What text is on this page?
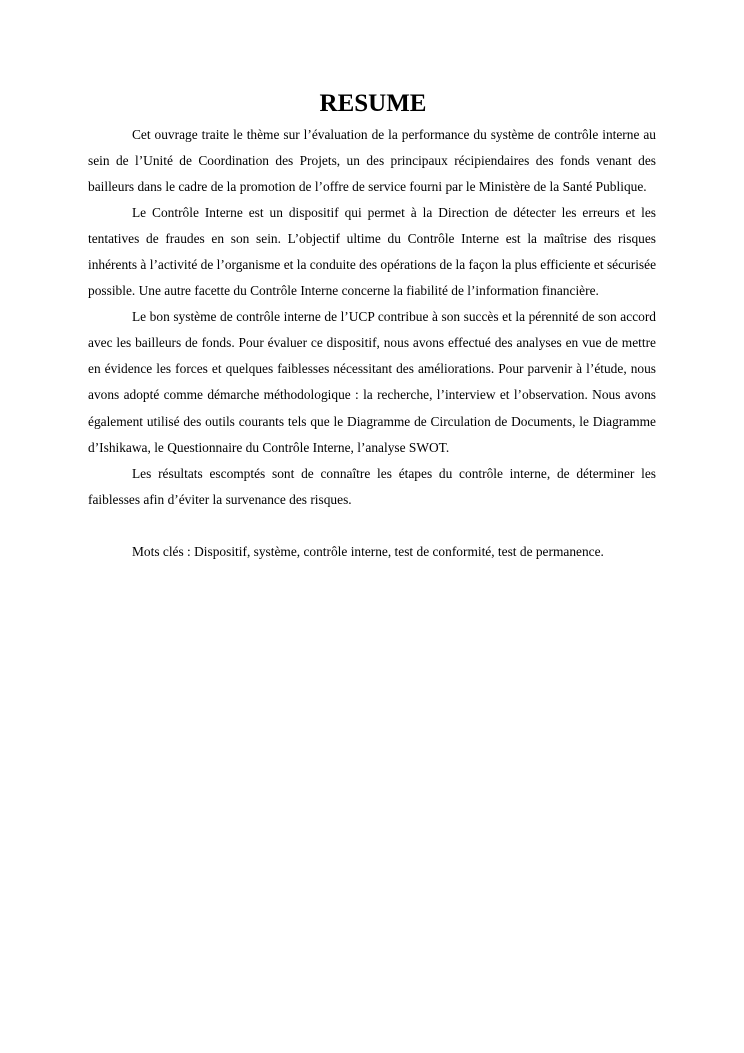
RESUME

Cet ouvrage traite le thème sur l’évaluation de la performance du système de contrôle interne au sein de l’Unité de Coordination des Projets, un des principaux récipiendaires des fonds venant des bailleurs dans le cadre de la promotion de l’offre de service fourni par le Ministère de la Santé Publique.

Le Contrôle Interne est un dispositif qui permet à la Direction de détecter les erreurs et les tentatives de fraudes en son sein. L’objectif ultime du Contrôle Interne est la maîtrise des risques inhérents à l’activité de l’organisme et la conduite des opérations de la façon la plus efficiente et sécurisée possible. Une autre facette du Contrôle Interne concerne la fiabilité de l’information financière.

Le bon système de contrôle interne de l’UCP contribue à son succès et la pérennité de son accord avec les bailleurs de fonds. Pour évaluer ce dispositif, nous avons effectué des analyses en vue de mettre en évidence les forces et quelques faiblesses nécessitant des améliorations. Pour parvenir à l’étude, nous avons adopté comme démarche méthodologique : la recherche, l’interview et l’observation. Nous avons également utilisé des outils courants tels que le Diagramme de Circulation de Documents, le Diagramme d’Ishikawa, le Questionnaire du Contrôle Interne, l’analyse SWOT.

Les résultats escomptés sont de connaître les étapes du contrôle interne, de déterminer les faiblesses afin d’éviter la survenance des risques.

Mots clés : Dispositif, système, contrôle interne, test de conformité, test de permanence.
